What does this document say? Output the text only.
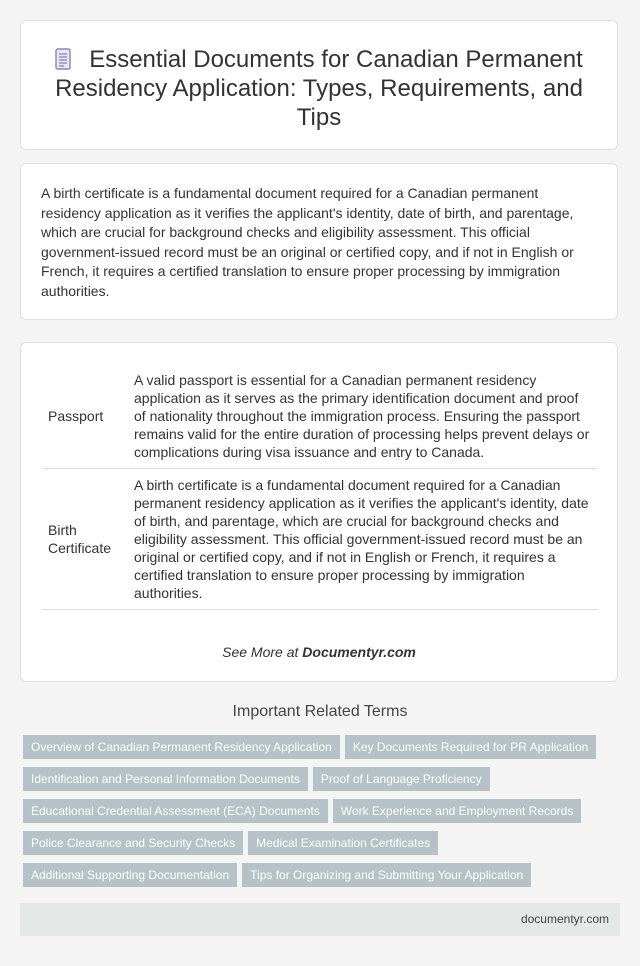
Essential Documents for Canadian Permanent Residency Application: Types, Requirements, and Tips

A birth certificate is a fundamental document required for a Canadian permanent residency application as it verifies the applicant's identity, date of birth, and parentage, which are crucial for background checks and eligibility assessment. This official government-issued record must be an original or certified copy, and if not in English or French, it requires a certified translation to ensure proper processing by immigration authorities.

Passport	A valid passport is essential for a Canadian permanent residency application as it serves as the primary identification document and proof of nationality throughout the immigration process. Ensuring the passport remains valid for the entire duration of processing helps prevent delays or complications during visa issuance and entry to Canada.
Birth Certificate	A birth certificate is a fundamental document required for a Canadian permanent residency application as it verifies the applicant's identity, date of birth, and parentage, which are crucial for background checks and eligibility assessment. This official government-issued record must be an original or certified copy, and if not in English or French, it requires a certified translation to ensure proper processing by immigration authorities.
See More at Documentyr.com
Important Related Terms
Overview of Canadian Permanent Residency Application Key Documents Required for PR Application
Identification and Personal Information Documents Proof of Language Proficiency
Educational Credential Assessment (ECA) Documents Work Experience and Employment Records
Police Clearance and Security Checks Medical Examination Certificates
Additional Supporting Documentation Tips for Organizing and Submitting Your Application
documentyr.com
